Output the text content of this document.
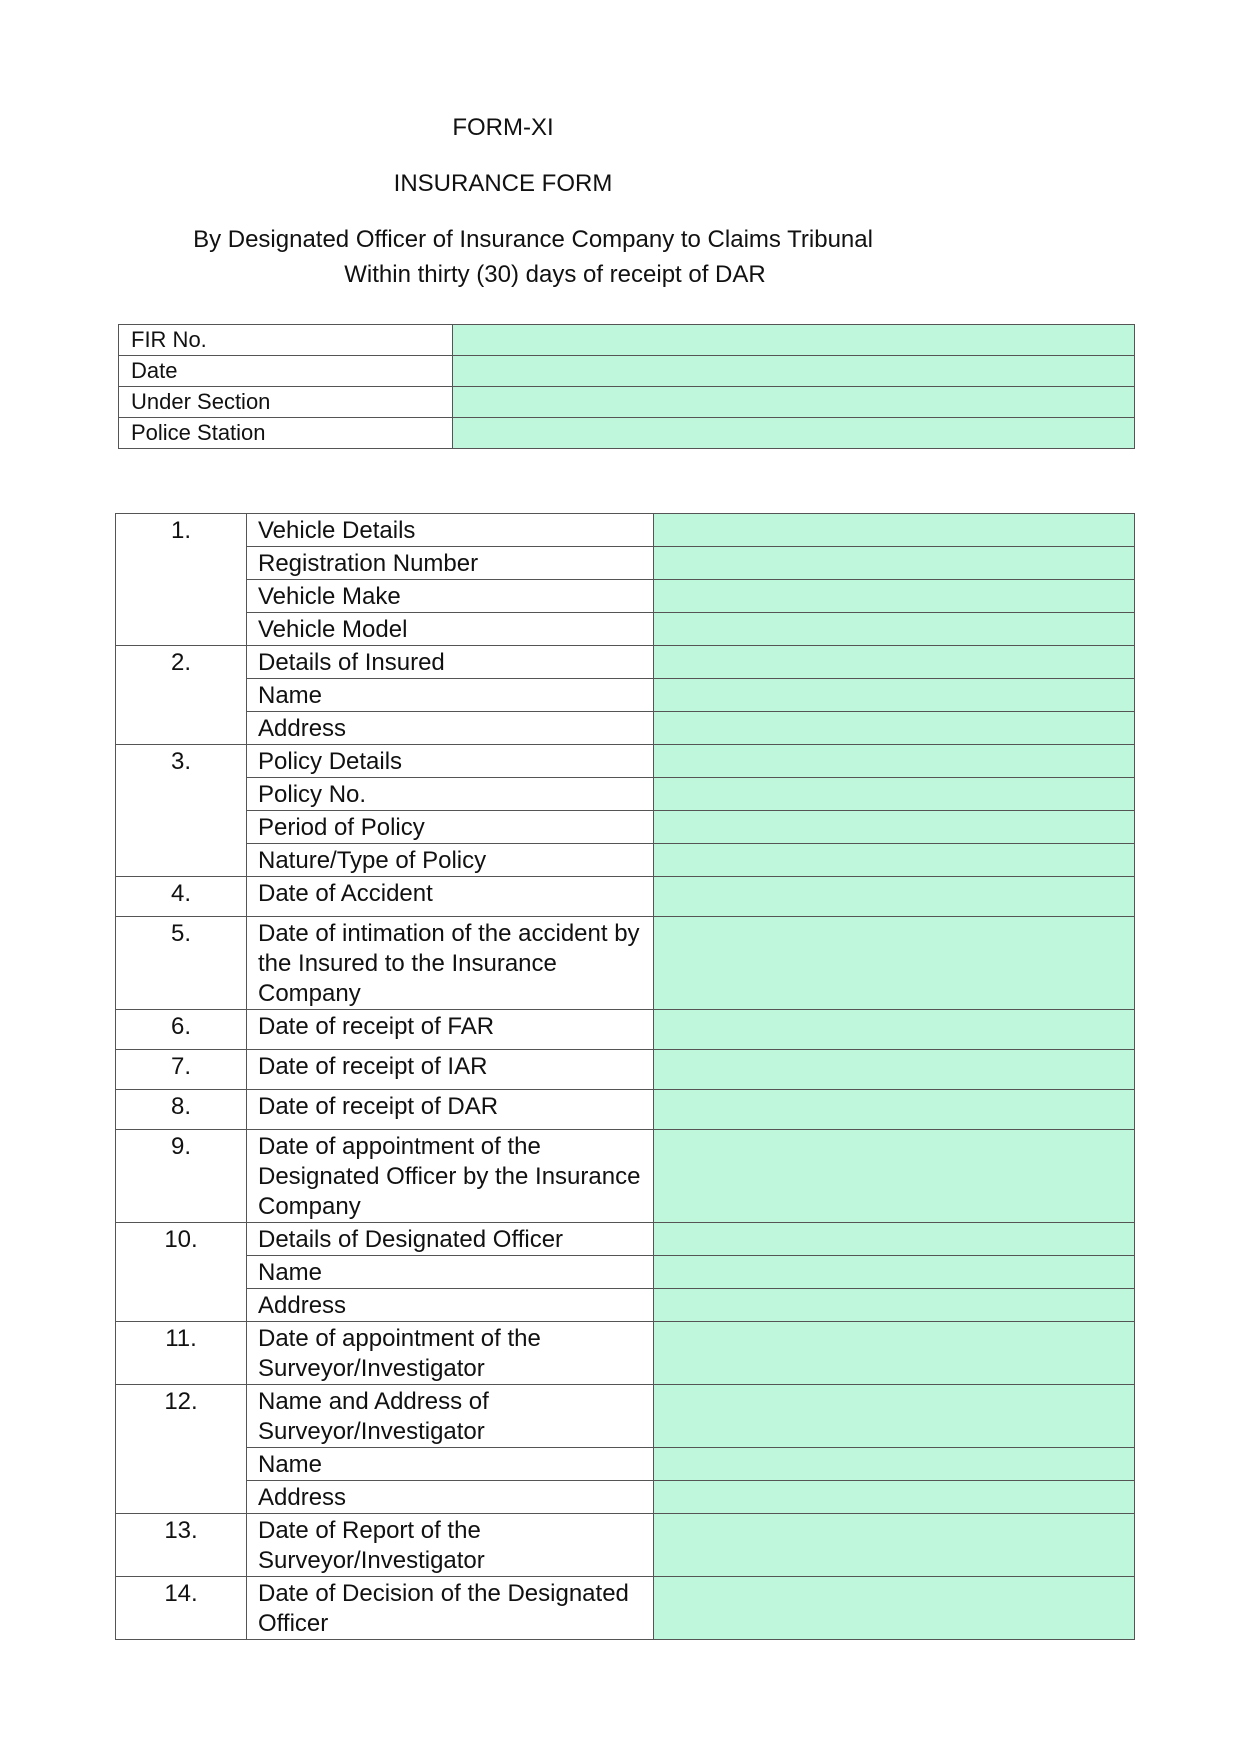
FORM-XI
INSURANCE FORM
By Designated Officer of Insurance Company to Claims Tribunal
Within thirty (30) days of receipt of DAR
FIR No.	
Date	
Under Section	
Police Station	
1.	Vehicle Details	
	Registration Number	
	Vehicle Make	
	Vehicle Model	
2.	Details of Insured	
	Name	
	Address	
3.	Policy Details	
	Policy No.	
	Period of Policy	
	Nature/Type of Policy	
4.	Date of Accident	
5.	Date of intimation of the accident by the Insured to the Insurance Company	
6.	Date of receipt of FAR	
7.	Date of receipt of IAR	
8.	Date of receipt of DAR	
9.	Date of appointment of the Designated Officer by the Insurance Company	
10.	Details of Designated Officer	
	Name	
	Address	
11.	Date of appointment of the Surveyor/Investigator	
12.	Name and Address of Surveyor/Investigator	
	Name	
	Address	
13.	Date of Report of the Surveyor/Investigator	
14.	Date of Decision of the Designated Officer	
